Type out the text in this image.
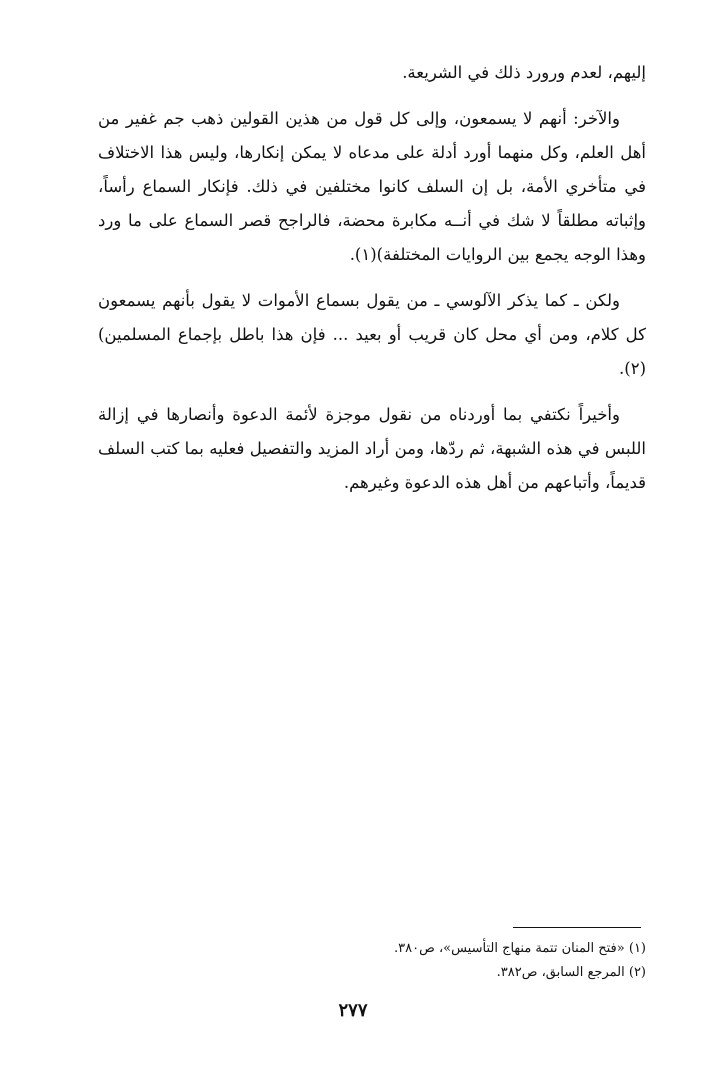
إليهم، لعدم ورورد ذلك في الشريعة.

والآخر: أنهم لا يسمعون، وإلى كل قول من هذين القولين ذهب جم غفير من أهل العلم، وكل منهما أورد أدلة على مدعاه لا يمكن إنكارها، وليس هذا الاختلاف في متأخري الأمة، بل إن السلف كانوا مختلفين في ذلك. فإنكار السماع رأساً، وإثباته مطلقاً لا شك في أنــه مكابرة محضة، فالراجح قصر السماع على ما ورد وهذا الوجه يجمع بين الروايات المختلفة)(١).

ولكن ـ كما يذكر الآلوسي ـ من يقول بسماع الأموات لا يقول بأنهم يسمعون كل كلام، ومن أي محل كان قريب أو بعيد ... فإن هذا باطل بإجماع المسلمين)(٢).

وأخيراً نكتفي بما أوردناه من نقول موجزة لأئمة الدعوة وأنصارها في إزالة اللبس في هذه الشبهة، ثم ردّها، ومن أراد المزيد والتفصيل فعليه بما كتب السلف قديماً، وأتباعهم من أهل هذه الدعوة وغيرهم.

(١) «فتح المنان تتمة منهاج التأسيس»، ص٣٨٠.

(٢) المرجع السابق، ص٣٨٢.

٢٧٧
